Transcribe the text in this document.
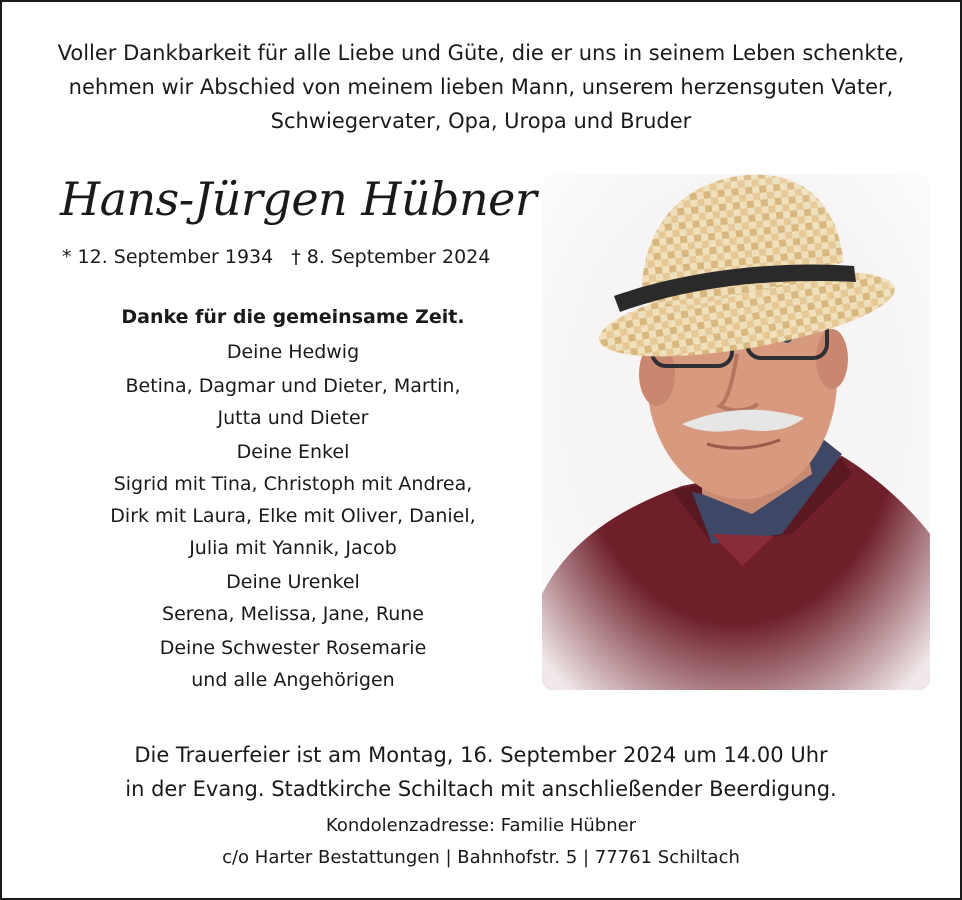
Voller Dankbarkeit für alle Liebe und Güte, die er uns in seinem Leben schenkte,
nehmen wir Abschied von meinem lieben Mann, unserem herzensguten Vater,
Schwiegervater, Opa, Uropa und Bruder
Hans-Jürgen Hübner
* 12. September 1934 † 8. September 2024
Danke für die gemeinsame Zeit.
Deine Hedwig
Betina, Dagmar und Dieter, Martin,
Jutta und Dieter
Deine Enkel
Sigrid mit Tina, Christoph mit Andrea,
Dirk mit Laura, Elke mit Oliver, Daniel,
Julia mit Yannik, Jacob
Deine Urenkel
Serena, Melissa, Jane, Rune
Deine Schwester Rosemarie
und alle Angehörigen
Die Trauerfeier ist am Montag, 16. September 2024 um 14.00 Uhr
in der Evang. Stadtkirche Schiltach mit anschließender Beerdigung.
Kondolenzadresse: Familie Hübner
c/o Harter Bestattungen | Bahnhofstr. 5 | 77761 Schiltach
